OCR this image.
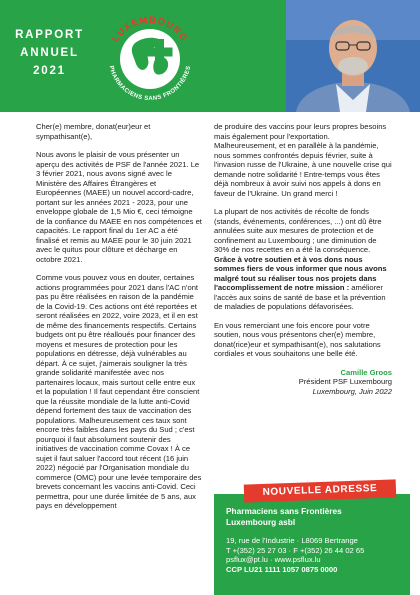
RAPPORT
ANNUEL
2021
LUXEMBOURG
PHARMACIENS SANS FRONTIÈRES

Cher(e) membre, donat(eur)eur et sympathisant(e),

Nous avons le plaisir de vous présenter un aperçu des activités de PSF de l'année 2021. Le 3 février 2021, nous avons signé avec le Ministère des Affaires Étrangères et Européennes (MAEE) un nouvel accord-cadre, portant sur les années 2021 - 2023, pour une enveloppe globale de 1,5 Mio €, ceci témoigne de la confiance du MAEE en nos compétences et capacités. Le rapport final du 1er AC a été finalisé et remis au MAEE pour le 30 juin 2021 avec le quitus pour clôture et décharge en octobre 2021.

Comme vous pouvez vous en douter, certaines actions programmées pour 2021 dans l'AC n'ont pas pu être réalisées en raison de la pandémie de la Covid-19. Ces actions ont été reportées et seront réalisées en 2022, voire 2023, et il en est de même des financements respectifs. Certains budgets ont pu être réalloués pour financer des moyens et mesures de protection pour les populations en détresse, déjà vulnérables au départ. À ce sujet, j'aimerais souligner la très grande solidarité manifestée avec nos partenaires locaux, mais surtout celle entre eux et la population ! Il faut cependant être conscient que la réussite mondiale de la lutte anti-Covid dépend fortement des taux de vaccination des populations. Malheureusement ces taux sont encore très faibles dans les pays du Sud ; c'est pourquoi il faut absolument soutenir des initiatives de vaccination comme Covax ! À ce sujet il faut saluer l'accord tout récent (16 juin 2022) négocié par l'Organisation mondiale du commerce (OMC) pour une levée temporaire des brevets concernant les vaccins anti-Covid. Ceci permettra, pour une durée limitée de 5 ans, aux pays en développement

de produire des vaccins pour leurs propres besoins mais également pour l'exportation. Malheureusement, et en parallèle à la pandémie, nous sommes confrontés depuis février, suite à l'invasion russe de l'Ukraine, à une nouvelle crise qui demande notre solidarité ! Entre-temps vous êtes déjà nombreux à avoir suivi nos appels à dons en faveur de l'Ukraine. Un grand merci !

La plupart de nos activités de récolte de fonds (stands, événements, conférences, ...) ont dû être annulées suite aux mesures de protection et de confinement au Luxembourg ; une diminution de 30% de nos recettes en a été la conséquence. Grâce à votre soutien et à vos dons nous sommes fiers de vous informer que nous avons malgré tout su réaliser tous nos projets dans l'accomplissement de notre mission : améliorer l'accès aux soins de santé de base et la prévention de maladies de populations défavorisées.

En vous remerciant une fois encore pour votre soutien, nous vous présentons cher(e) membre, donat(rice)eur et sympathisant(e), nos salutations cordiales et vous souhaitons une belle été.

Camille Groos
Président PSF Luxembourg
Luxembourg, Juin 2022
NOUVELLE ADRESSE
Pharmaciens sans Frontières
Luxembourg asbl
19, rue de l'Industrie · L8069 Bertrange
T +(352) 25 27 03 · F +(352) 26 44 02 65
psflux@pt.lu · www.psflux.lu
CCP LU21 1111 1057 0875 0000
